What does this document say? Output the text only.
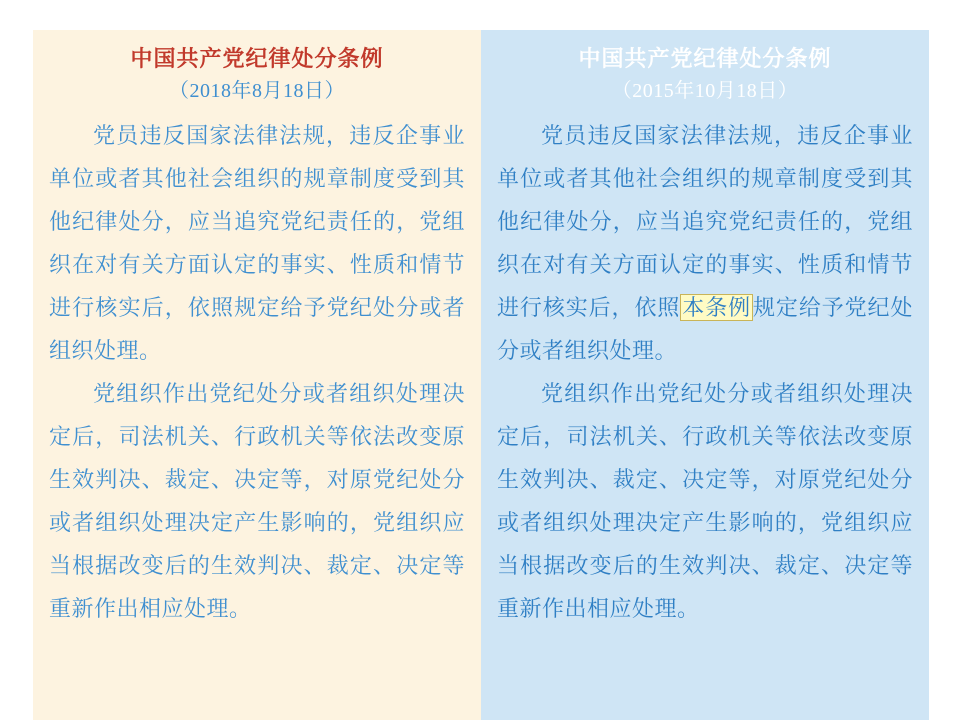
中国共产党纪律处分条例
（2018年8月18日）

党员违反国家法律法规，违反企事业单位或者其他社会组织的规章制度受到其他纪律处分，应当追究党纪责任的，党组织在对有关方面认定的事实、性质和情节进行核实后，依照规定给予党纪处分或者组织处理。

党组织作出党纪处分或者组织处理决定后，司法机关、行政机关等依法改变原生效判决、裁定、决定等，对原党纪处分或者组织处理决定产生影响的，党组织应当根据改变后的生效判决、裁定、决定等重新作出相应处理。

中国共产党纪律处分条例
（2015年10月18日）

党员违反国家法律法规，违反企事业单位或者其他社会组织的规章制度受到其他纪律处分，应当追究党纪责任的，党组织在对有关方面认定的事实、性质和情节进行核实后，依照本条例规定给予党纪处分或者组织处理。

党组织作出党纪处分或者组织处理决定后，司法机关、行政机关等依法改变原生效判决、裁定、决定等，对原党纪处分或者组织处理决定产生影响的，党组织应当根据改变后的生效判决、裁定、决定等重新作出相应处理。
